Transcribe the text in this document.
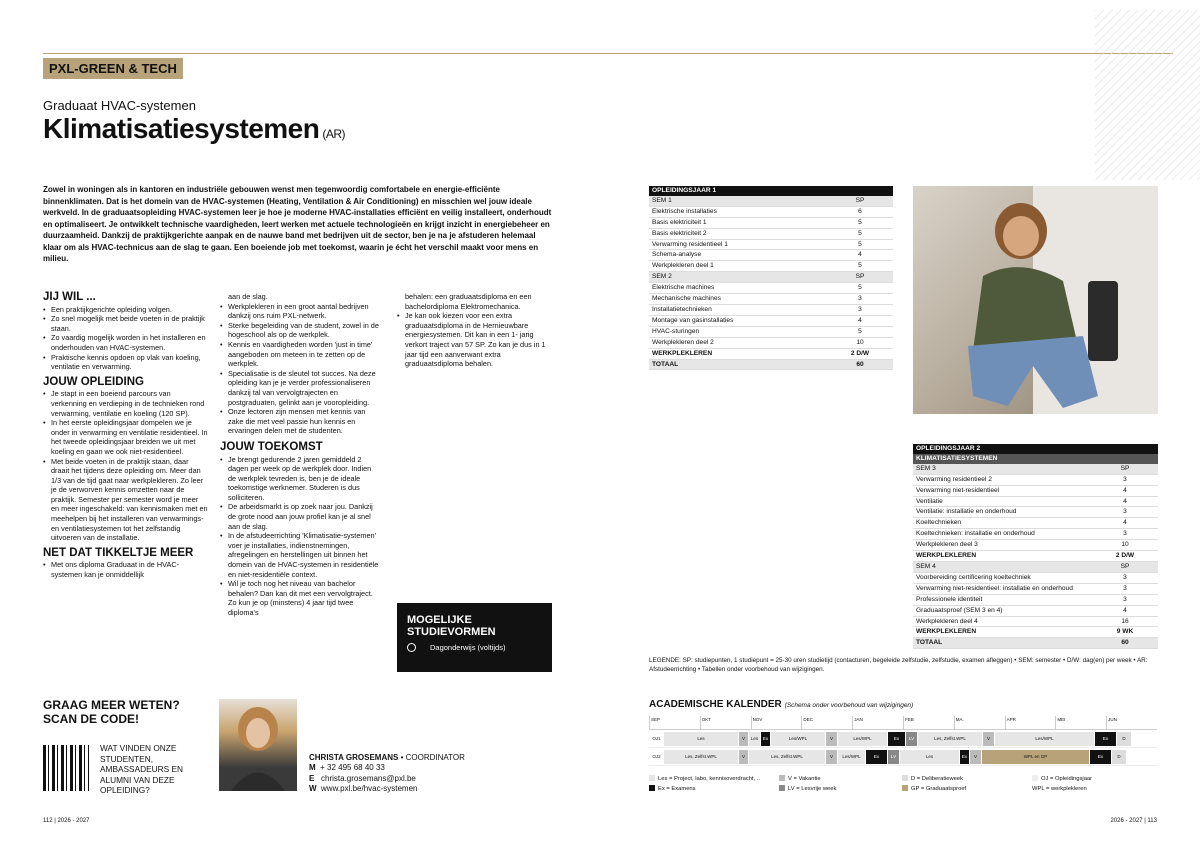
PXL-GREEN & TECH
Graduaat HVAC-systemen
Klimatisatiesystemen (AR)

Zowel in woningen als in kantoren en industriële gebouwen wenst men tegenwoordig comfortabele en energie-efficiënte binnenklimaten. Dat is het domein van de HVAC-systemen (Heating, Ventilation & Air Conditioning) en misschien wel jouw ideale werkveld. In de graduaatsopleiding HVAC-systemen leer je hoe je moderne HVAC-installaties efficiënt en veilig installeert, onderhoudt en optimaliseert. Je ontwikkelt technische vaardigheden, leert werken met actuele technologieën en krijgt inzicht in energiebeheer en duurzaamheid. Dankzij de praktijkgerichte aanpak en de nauwe band met bedrijven uit de sector, ben je na je afstuderen helemaal klaar om als HVAC-technicus aan de slag te gaan. Een boeiende job met toekomst, waarin je écht het verschil maakt voor mens en milieu.

JIJ WIL ...
• Een praktijkgerichte opleiding volgen.
• Zo snel mogelijk met beide voeten in de praktijk staan.
• Zo vaardig mogelijk worden in het installeren en onderhouden van HVAC-systemen.
• Praktische kennis opdoen op vlak van koeling, ventilatie en verwarming.
JOUW OPLEIDING
• Je stapt in een boeiend parcours van verkenning en verdieping in de technieken rond verwarming, ventilatie en koeling (120 SP).
• In het eerste opleidingsjaar dompelen we je onder in verwarming en ventilatie residentieel. In het tweede opleidingsjaar breiden we uit met koeling en gaan we ook niet-residentieel.
• Met beide voeten in de praktijk staan, daar draait het tijdens deze opleiding om. Meer dan 1/3 van de tijd gaat naar werkplekleren. Zo leer je de verworven kennis omzetten naar de praktijk. Semester per semester word je meer en meer ingeschakeld: van kennismaken met en meehelpen bij het installeren van verwarmings- en ventilatiesystemen tot het zelfstandig uitvoeren van de installatie.
NET DAT TIKKELTJE MEER
• Met ons diploma Graduaat in de HVAC-systemen kan je onmiddellijk

aan de slag.

• Werkplekleren in een groot aantal bedrijven dankzij ons ruim PXL-netwerk.
• Sterke begeleiding van de student, zowel in de hogeschool als op de werkplek.
• Kennis en vaardigheden worden 'just in time' aangeboden om meteen in te zetten op de werkplek.
• Specialisatie is de sleutel tot succes. Na deze opleiding kan je je verder professionaliseren dankzij tal van vervolgtrajecten en postgraduaten, gelinkt aan je vooropleiding.
• Onze lectoren zijn mensen met kennis van zake die met veel passie hun kennis en ervaringen delen met de studenten.
JOUW TOEKOMST
• Je brengt gedurende 2 jaren gemiddeld 2 dagen per week op de werkplek door. Indien de werkplek tevreden is, ben je de ideale toekomstige werknemer. Studeren is dus solliciteren.
• De arbeidsmarkt is op zoek naar jou. Dankzij de grote nood aan jouw profiel kan je al snel aan de slag.
• In de afstudeerrichting 'Klimatisatie-systemen' voer je installaties, indienstnemingen, afregelingen en herstellingen uit binnen het domein van de HVAC-systemen in residentiële en niet-residentiële context.
• Wil je toch nog het niveau van bachelor behalen? Dan kan dit met een vervolgtraject. Zo kun je op (minstens) 4 jaar tijd twee diploma's

behalen: een graduaatsdiploma en een bachelordiploma Elektromechanica.

• Je kan ook kiezen voor een extra graduaatsdiploma in de Hernieuwbare energiesystemen. Dit kan in een 1- jarig verkort traject van 57 SP. Zo kan je dus in 1 jaar tijd een aanverwant extra graduaatsdiploma behalen.
MOGELIJKE STUDIEVORMEN
Dagonderwijs (voltijds)
OPLEIDINGSJAAR 1
SEM 1	SP
Elektrische installaties	6
Basis elektriciteit 1	5
Basis elektriciteit 2	5
Verwarming residentieel 1	5
Schema-analyse	4
Werkplekleren deel 1	5
SEM 2	SP
Elektrische machines	5
Mechanische machines	3
Installatietechnieken	3
Montage van gasinstallaties	4
HVAC-sturingen	5
Werkplekleren deel 2	10
WERKPLEKLEREN	2 D/W
TOTAAL	60
OPLEIDINGSJAAR 2
KLIMATISATIESYSTEMEN
SEM 3	SP
Verwarming residentieel 2	3
Verwarming niet-residentieel	4
Ventilatie	4
Ventilatie: installatie en onderhoud	3
Koeltechnieken	4
Koeltechnieken: installatie en onderhoud	3
Werkplekleren deel 3	10
WERKPLEKLEREN	2 D/W
SEM 4	SP
Voorbereiding certificering koeltechniek	3
Verwarming niet-residentieel: installatie en onderhoud	3
Professionele identiteit	3
Graduaatsproef (SEM 3 en 4)	4
Werkplekleren deel 4	16
WERKPLEKLEREN	9 WK
TOTAAL	60

LEGENDE: SP: studiepunten, 1 studiepunt = 25-30 uren studietijd (contacturen, begeleide zelfstudie, zelfstudie, examen afleggen) • SEM: semester • D/W: dag(en) per week • AR: Afstudeerrichting • Tabellen onder voorbehoud van wijzigingen.

ACADEMISCHE KALENDER (Schema onder voorbehoud van wijzigingen)
SEP	OKT	NOV	DEC	JAN	FEB	MA.	APR	MEI	JUN
OJ1	Les	V	Les	Ex	Les/WPL	V	Les/WPL	Ex	LV	Les, Zelfst.WPL	V	Les/WPL	Ex	D
OJ2	Les, Zelfst.WPL	V	Les, Zelfst.WPL	V	Les/WPL	Ex	LV	Les	Ex	V	WPL en GP	Ex	D
Les = Project, labo, kennisoverdracht, ..	V = Vakantie	D = Deliberatieweek	OJ = Opleidingsjaar
Ex = Examens	LV = Lesvrije week	GP = Graduaatsproef	WPL = werkplekleren
GRAAG MEER WETEN? SCAN DE CODE!
WAT VINDEN ONZE STUDENTEN, AMBASSADEURS EN ALUMNI VAN DEZE OPLEIDING?
CHRISTA GROSEMANS • COORDINATOR
M + 32 495 68 40 33
E christa.grosemans@pxl.be
W www.pxl.be/hvac-systemen
112 | 2026 - 2027	2026 - 2027 | 113
